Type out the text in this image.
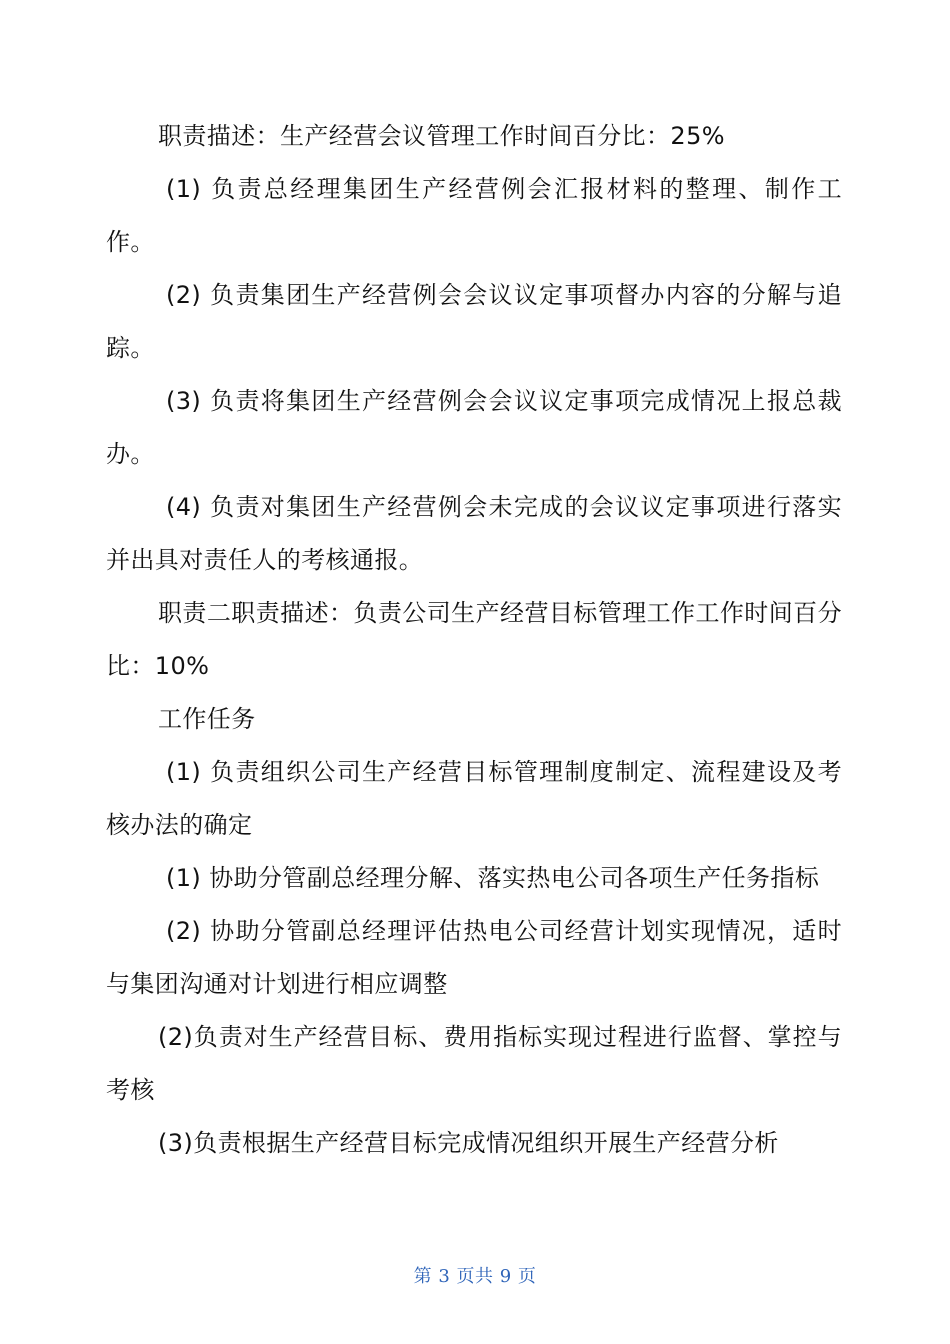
职责描述：生产经营会议管理工作时间百分比：25%

(1) 负责总经理集团生产经营例会汇报材料的整理、制作工作。

(2) 负责集团生产经营例会会议议定事项督办内容的分解与追踪。

(3) 负责将集团生产经营例会会议议定事项完成情况上报总裁办。

(4) 负责对集团生产经营例会未完成的会议议定事项进行落实并出具对责任人的考核通报。

职责二职责描述：负责公司生产经营目标管理工作工作时间百分比：10%

工作任务

(1) 负责组织公司生产经营目标管理制度制定、流程建设及考核办法的确定

(1) 协助分管副总经理分解、落实热电公司各项生产任务指标

(2) 协助分管副总经理评估热电公司经营计划实现情况，适时与集团沟通对计划进行相应调整

(2)负责对生产经营目标、费用指标实现过程进行监督、掌控与考核

(3)负责根据生产经营目标完成情况组织开展生产经营分析

第 3 页共 9 页
